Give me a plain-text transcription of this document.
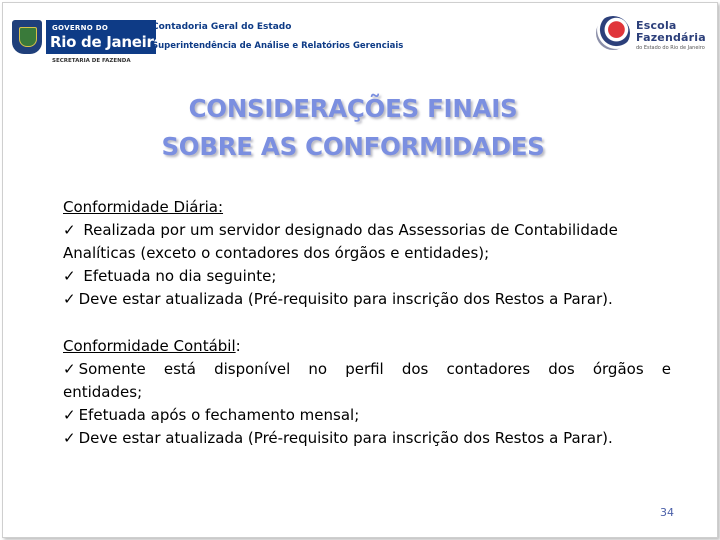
GOVERNO DO
Rio de Janeiro
SECRETARIA DE FAZENDA
Contadoria Geral do Estado
Superintendência de Análise e Relatórios Gerenciais
Escola
Fazendária
do Estado do Rio de Janeiro
CONSIDERAÇÕES FINAIS
SOBRE AS CONFORMIDADES

Conformidade Diária:

✓ Realizada por um servidor designado das Assessorias de Contabilidade

Analíticas (exceto o contadores dos órgãos e entidades);

✓ Efetuada no dia seguinte;

✓ Deve estar atualizada (Pré-requisito para inscrição dos Restos a Parar).

Conformidade Contábil:

✓ Somente está disponível no perfil dos contadores dos órgãos e

entidades;

✓ Efetuada após o fechamento mensal;

✓ Deve estar atualizada (Pré-requisito para inscrição dos Restos a Parar).

34
